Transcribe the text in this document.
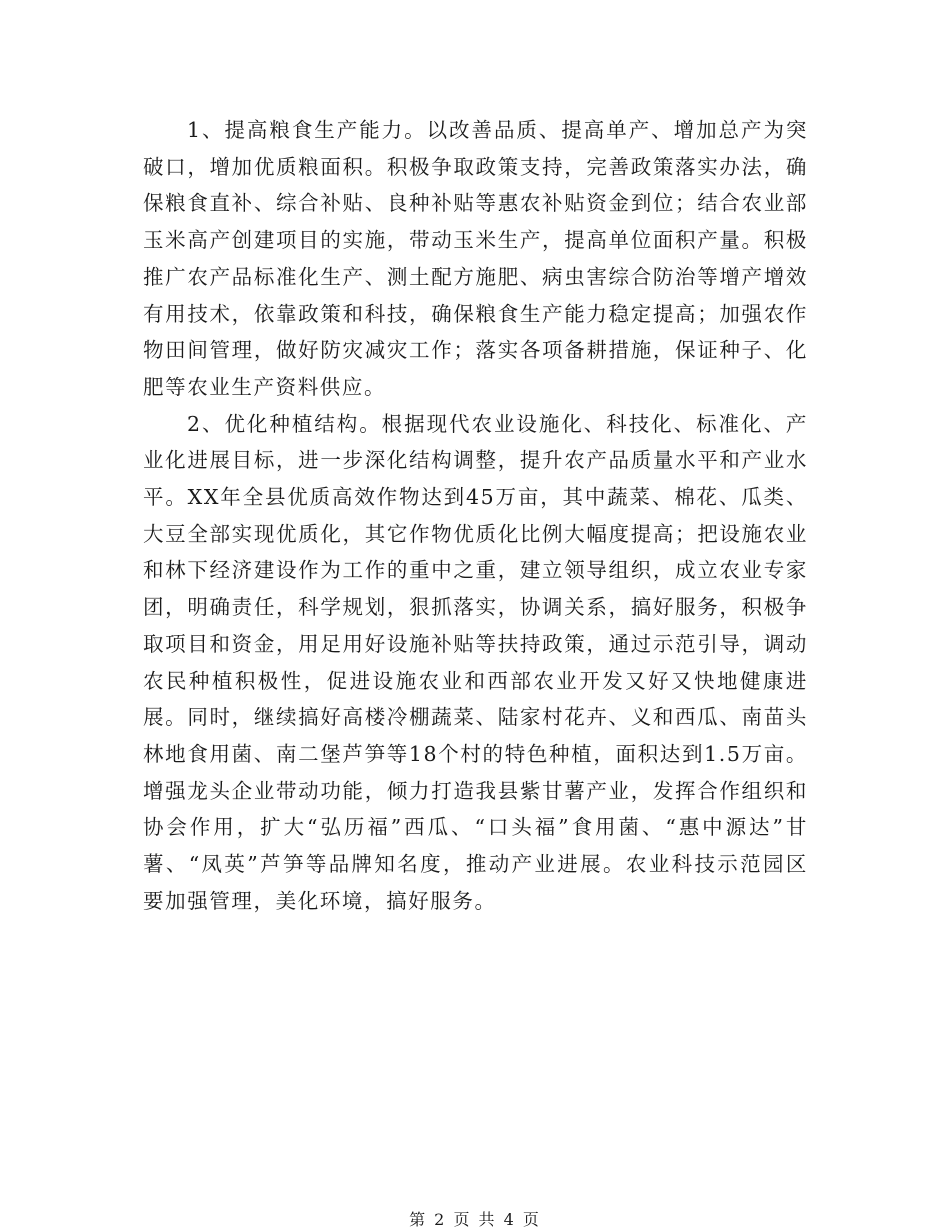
1、提高粮食生产能力。以改善品质、提高单产、增加总产为突破口，增加优质粮面积。积极争取政策支持，完善政策落实办法，确保粮食直补、综合补贴、良种补贴等惠农补贴资金到位；结合农业部玉米高产创建项目的实施，带动玉米生产，提高单位面积产量。积极推广农产品标准化生产、测土配方施肥、病虫害综合防治等增产增效有用技术，依靠政策和科技，确保粮食生产能力稳定提高；加强农作物田间管理，做好防灾减灾工作；落实各项备耕措施，保证种子、化肥等农业生产资料供应。

2、优化种植结构。根据现代农业设施化、科技化、标准化、产业化进展目标，进一步深化结构调整，提升农产品质量水平和产业水平。XX年全县优质高效作物达到45万亩，其中蔬菜、棉花、瓜类、大豆全部实现优质化，其它作物优质化比例大幅度提高；把设施农业和林下经济建设作为工作的重中之重，建立领导组织，成立农业专家团，明确责任，科学规划，狠抓落实，协调关系，搞好服务，积极争取项目和资金，用足用好设施补贴等扶持政策，通过示范引导，调动农民种植积极性，促进设施农业和西部农业开发又好又快地健康进展。同时，继续搞好高楼冷棚蔬菜、陆家村花卉、义和西瓜、南苗头林地食用菌、南二堡芦笋等18个村的特色种植，面积达到1.5万亩。增强龙头企业带动功能，倾力打造我县紫甘薯产业，发挥合作组织和协会作用，扩大“弘历福”西瓜、“口头福”食用菌、“惠中源达”甘薯、“凤英”芦笋等品牌知名度，推动产业进展。农业科技示范园区要加强管理，美化环境，搞好服务。

第 2 页 共 4 页
